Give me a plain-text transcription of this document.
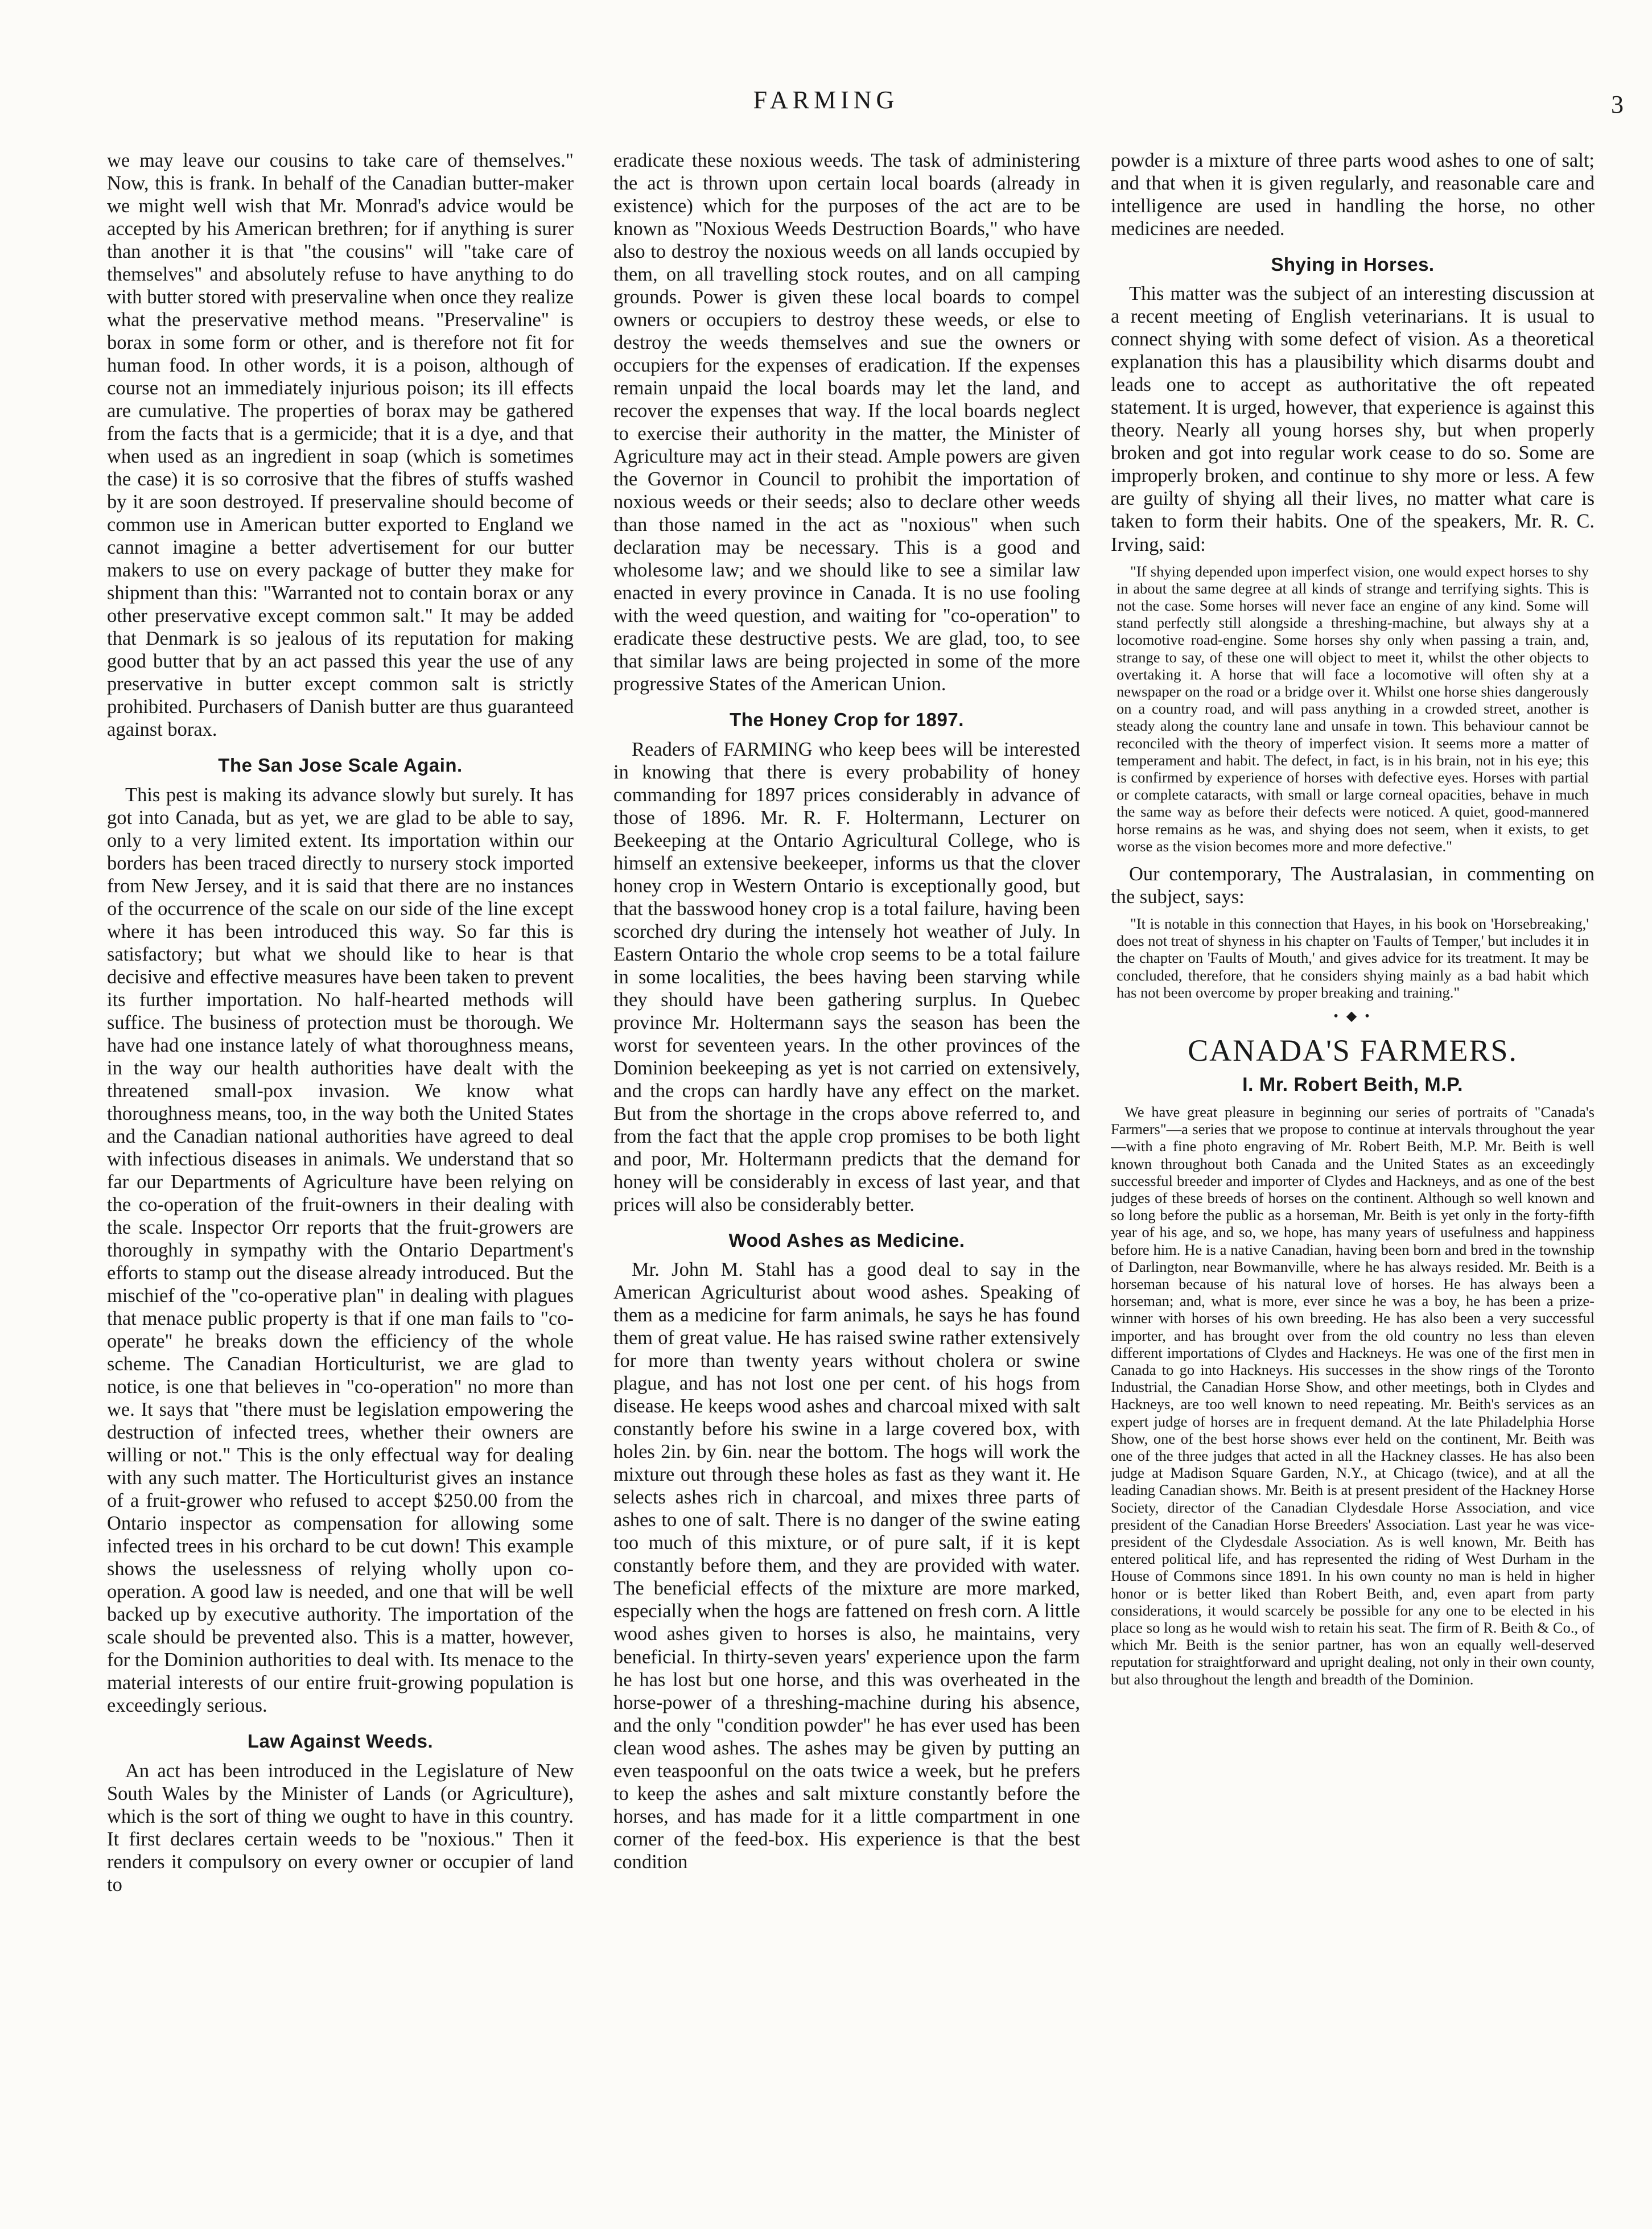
FARMING	3

we may leave our cousins to take care of themselves." Now, this is frank. In behalf of the Canadian butter-maker we might well wish that Mr. Monrad's advice would be accepted by his American brethren; for if anything is surer than another it is that "the cousins" will "take care of themselves" and absolutely refuse to have anything to do with butter stored with preservaline when once they realize what the preservative method means. "Preservaline" is borax in some form or other, and is therefore not fit for human food. In other words, it is a poison, although of course not an immediately injurious poison; its ill effects are cumulative. The properties of borax may be gathered from the facts that is a germicide; that it is a dye, and that when used as an ingredient in soap (which is sometimes the case) it is so corrosive that the fibres of stuffs washed by it are soon destroyed. If preservaline should become of common use in American butter exported to England we cannot imagine a better advertisement for our butter makers to use on every package of butter they make for shipment than this: "Warranted not to contain borax or any other preservative except common salt." It may be added that Denmark is so jealous of its reputation for making good butter that by an act passed this year the use of any preservative in butter except common salt is strictly prohibited. Purchasers of Danish butter are thus guaranteed against borax.

The San Jose Scale Again.

This pest is making its advance slowly but surely. It has got into Canada, but as yet, we are glad to be able to say, only to a very limited extent. Its importation within our borders has been traced directly to nursery stock imported from New Jersey, and it is said that there are no instances of the occurrence of the scale on our side of the line except where it has been introduced this way. So far this is satisfactory; but what we should like to hear is that decisive and effective measures have been taken to prevent its further importation. No half-hearted methods will suffice. The business of protection must be thorough. We have had one instance lately of what thoroughness means, in the way our health authorities have dealt with the threatened small-pox invasion. We know what thoroughness means, too, in the way both the United States and the Canadian national authorities have agreed to deal with infectious diseases in animals. We understand that so far our Departments of Agriculture have been relying on the co-operation of the fruit-owners in their dealing with the scale. Inspector Orr reports that the fruit-growers are thoroughly in sympathy with the Ontario Department's efforts to stamp out the disease already introduced. But the mischief of the "co-operative plan" in dealing with plagues that menace public property is that if one man fails to "co-operate" he breaks down the efficiency of the whole scheme. The Canadian Horticulturist, we are glad to notice, is one that believes in "co-operation" no more than we. It says that "there must be legislation empowering the destruction of infected trees, whether their owners are willing or not." This is the only effectual way for dealing with any such matter. The Horticulturist gives an instance of a fruit-grower who refused to accept $250.00 from the Ontario inspector as compensation for allowing some infected trees in his orchard to be cut down! This example shows the uselessness of relying wholly upon co-operation. A good law is needed, and one that will be well backed up by executive authority. The importation of the scale should be prevented also. This is a matter, however, for the Dominion authorities to deal with. Its menace to the material interests of our entire fruit-growing population is exceedingly serious.

Law Against Weeds.

An act has been introduced in the Legislature of New South Wales by the Minister of Lands (or Agriculture), which is the sort of thing we ought to have in this country. It first declares certain weeds to be "noxious." Then it renders it compulsory on every owner or occupier of land to

eradicate these noxious weeds. The task of administering the act is thrown upon certain local boards (already in existence) which for the purposes of the act are to be known as "Noxious Weeds Destruction Boards," who have also to destroy the noxious weeds on all lands occupied by them, on all travelling stock routes, and on all camping grounds. Power is given these local boards to compel owners or occupiers to destroy these weeds, or else to destroy the weeds themselves and sue the owners or occupiers for the expenses of eradication. If the expenses remain unpaid the local boards may let the land, and recover the expenses that way. If the local boards neglect to exercise their authority in the matter, the Minister of Agriculture may act in their stead. Ample powers are given the Governor in Council to prohibit the importation of noxious weeds or their seeds; also to declare other weeds than those named in the act as "noxious" when such declaration may be necessary. This is a good and wholesome law; and we should like to see a similar law enacted in every province in Canada. It is no use fooling with the weed question, and waiting for "co-operation" to eradicate these destructive pests. We are glad, too, to see that similar laws are being projected in some of the more progressive States of the American Union.

The Honey Crop for 1897.

Readers of FARMING who keep bees will be interested in knowing that there is every probability of honey commanding for 1897 prices considerably in advance of those of 1896. Mr. R. F. Holtermann, Lecturer on Beekeeping at the Ontario Agricultural College, who is himself an extensive beekeeper, informs us that the clover honey crop in Western Ontario is exceptionally good, but that the basswood honey crop is a total failure, having been scorched dry during the intensely hot weather of July. In Eastern Ontario the whole crop seems to be a total failure in some localities, the bees having been starving while they should have been gathering surplus. In Quebec province Mr. Holtermann says the season has been the worst for seventeen years. In the other provinces of the Dominion beekeeping as yet is not carried on extensively, and the crops can hardly have any effect on the market. But from the shortage in the crops above referred to, and from the fact that the apple crop promises to be both light and poor, Mr. Holtermann predicts that the demand for honey will be considerably in excess of last year, and that prices will also be considerably better.

Wood Ashes as Medicine.

Mr. John M. Stahl has a good deal to say in the American Agriculturist about wood ashes. Speaking of them as a medicine for farm animals, he says he has found them of great value. He has raised swine rather extensively for more than twenty years without cholera or swine plague, and has not lost one per cent. of his hogs from disease. He keeps wood ashes and charcoal mixed with salt constantly before his swine in a large covered box, with holes 2in. by 6in. near the bottom. The hogs will work the mixture out through these holes as fast as they want it. He selects ashes rich in charcoal, and mixes three parts of ashes to one of salt. There is no danger of the swine eating too much of this mixture, or of pure salt, if it is kept constantly before them, and they are provided with water. The beneficial effects of the mixture are more marked, especially when the hogs are fattened on fresh corn. A little wood ashes given to horses is also, he maintains, very beneficial. In thirty-seven years' experience upon the farm he has lost but one horse, and this was overheated in the horse-power of a threshing-machine during his absence, and the only "condition powder" he has ever used has been clean wood ashes. The ashes may be given by putting an even teaspoonful on the oats twice a week, but he prefers to keep the ashes and salt mixture constantly before the horses, and has made for it a little compartment in one corner of the feed-box. His experience is that the best condition

powder is a mixture of three parts wood ashes to one of salt; and that when it is given regularly, and reasonable care and intelligence are used in handling the horse, no other medicines are needed.

Shying in Horses.

This matter was the subject of an interesting discussion at a recent meeting of English veterinarians. It is usual to connect shying with some defect of vision. As a theoretical explanation this has a plausibility which disarms doubt and leads one to accept as authoritative the oft repeated statement. It is urged, however, that experience is against this theory. Nearly all young horses shy, but when properly broken and got into regular work cease to do so. Some are improperly broken, and continue to shy more or less. A few are guilty of shying all their lives, no matter what care is taken to form their habits. One of the speakers, Mr. R. C. Irving, said:

"If shying depended upon imperfect vision, one would expect horses to shy in about the same degree at all kinds of strange and terrifying sights. This is not the case. Some horses will never face an engine of any kind. Some will stand perfectly still alongside a threshing-machine, but always shy at a locomotive road-engine. Some horses shy only when passing a train, and, strange to say, of these one will object to meet it, whilst the other objects to overtaking it. A horse that will face a locomotive will often shy at a newspaper on the road or a bridge over it. Whilst one horse shies dangerously on a country road, and will pass anything in a crowded street, another is steady along the country lane and unsafe in town. This behaviour cannot be reconciled with the theory of imperfect vision. It seems more a matter of temperament and habit. The defect, in fact, is in his brain, not in his eye; this is confirmed by experience of horses with defective eyes. Horses with partial or complete cataracts, with small or large corneal opacities, behave in much the same way as before their defects were noticed. A quiet, good-mannered horse remains as he was, and shying does not seem, when it exists, to get worse as the vision becomes more and more defective."

Our contemporary, The Australasian, in commenting on the subject, says:

"It is notable in this connection that Hayes, in his book on 'Horsebreaking,' does not treat of shyness in his chapter on 'Faults of Temper,' but includes it in the chapter on 'Faults of Mouth,' and gives advice for its treatment. It may be concluded, therefore, that he considers shying mainly as a bad habit which has not been overcome by proper breaking and training."

• ◆ •
CANADA'S FARMERS.
I. Mr. Robert Beith, M.P.

We have great pleasure in beginning our series of portraits of "Canada's Farmers"—a series that we propose to continue at intervals throughout the year—with a fine photo engraving of Mr. Robert Beith, M.P. Mr. Beith is well known throughout both Canada and the United States as an exceedingly successful breeder and importer of Clydes and Hackneys, and as one of the best judges of these breeds of horses on the continent. Although so well known and so long before the public as a horseman, Mr. Beith is yet only in the forty-fifth year of his age, and so, we hope, has many years of usefulness and happiness before him. He is a native Canadian, having been born and bred in the township of Darlington, near Bowmanville, where he has always resided. Mr. Beith is a horseman because of his natural love of horses. He has always been a horseman; and, what is more, ever since he was a boy, he has been a prize-winner with horses of his own breeding. He has also been a very successful importer, and has brought over from the old country no less than eleven different importations of Clydes and Hackneys. He was one of the first men in Canada to go into Hackneys. His successes in the show rings of the Toronto Industrial, the Canadian Horse Show, and other meetings, both in Clydes and Hackneys, are too well known to need repeating. Mr. Beith's services as an expert judge of horses are in frequent demand. At the late Philadelphia Horse Show, one of the best horse shows ever held on the continent, Mr. Beith was one of the three judges that acted in all the Hackney classes. He has also been judge at Madison Square Garden, N.Y., at Chicago (twice), and at all the leading Canadian shows. Mr. Beith is at present president of the Hackney Horse Society, director of the Canadian Clydesdale Horse Association, and vice president of the Canadian Horse Breeders' Association. Last year he was vice-president of the Clydesdale Association. As is well known, Mr. Beith has entered political life, and has represented the riding of West Durham in the House of Commons since 1891. In his own county no man is held in higher honor or is better liked than Robert Beith, and, even apart from party considerations, it would scarcely be possible for any one to be elected in his place so long as he would wish to retain his seat. The firm of R. Beith & Co., of which Mr. Beith is the senior partner, has won an equally well-deserved reputation for straightforward and upright dealing, not only in their own county, but also throughout the length and breadth of the Dominion.
